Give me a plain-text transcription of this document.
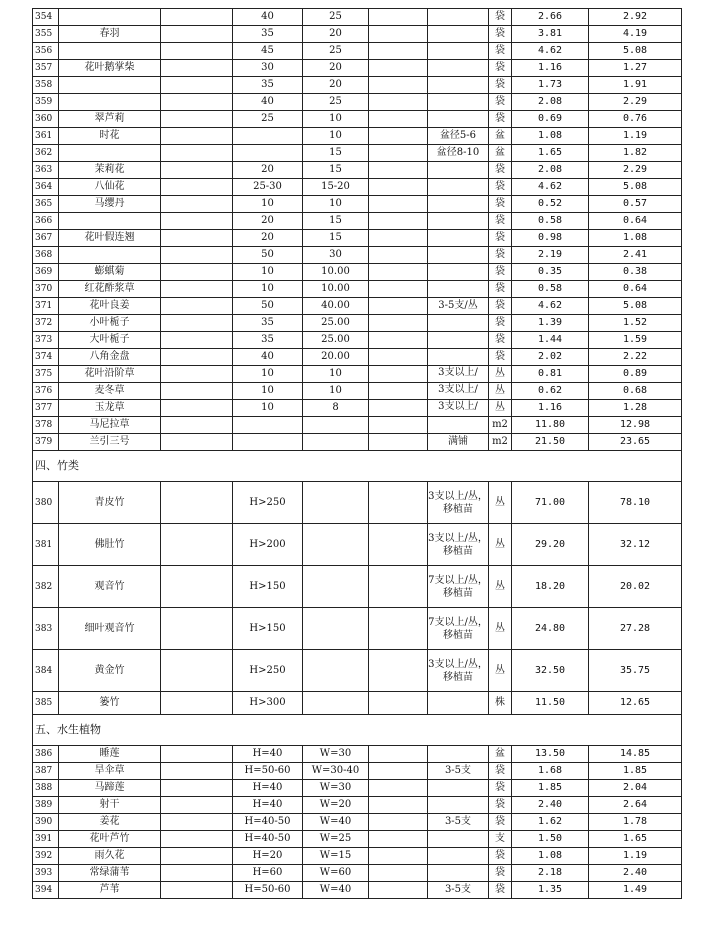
354			40	25			袋	2.66	2.92
355	春羽		35	20			袋	3.81	4.19
356			45	25			袋	4.62	5.08
357	花叶鹅掌柴		30	20			袋	1.16	1.27
358			35	20			袋	1.73	1.91
359			40	25			袋	2.08	2.29
360	翠芦莉		25	10			袋	0.69	0.76
361	时花			10		盆径5-6	盆	1.08	1.19
362				15		盆径8-10	盆	1.65	1.82
363	茉莉花		20	15			袋	2.08	2.29
364	八仙花		25-30	15-20			袋	4.62	5.08
365	马缨丹		10	10			袋	0.52	0.57
366			20	15			袋	0.58	0.64
367	花叶假连翘		20	15			袋	0.98	1.08
368			50	30			袋	2.19	2.41
369	蟛蜞菊		10	10.00			袋	0.35	0.38
370	红花酢浆草		10	10.00			袋	0.58	0.64
371	花叶良姜		50	40.00		3-5支/丛	袋	4.62	5.08
372	小叶栀子		35	25.00			袋	1.39	1.52
373	大叶栀子		35	25.00			袋	1.44	1.59
374	八角金盘		40	20.00			袋	2.02	2.22
375	花叶沿阶草		10	10		3支以上/	丛	0.81	0.89
376	麦冬草		10	10		3支以上/	丛	0.62	0.68
377	玉龙草		10	8		3支以上/	丛	1.16	1.28
378	马尼拉草						m2	11.80	12.98
379	兰引三号					满铺	m2	21.50	23.65
四、竹类									
380	青皮竹		H>250			3支以上/丛，移植苗	丛	71.00	78.10
381	佛肚竹		H>200			3支以上/丛，移植苗	丛	29.20	32.12
382	观音竹		H>150			7支以上/丛，移植苗	丛	18.20	20.02
383	细叶观音竹		H>150			7支以上/丛，移植苗	丛	24.80	27.28
384	黄金竹		H>250			3支以上/丛，移植苗	丛	32.50	35.75
385	篓竹		H>300				株	11.50	12.65
五、水生植物									
386	睡莲		H=40	W=30			盆	13.50	14.85
387	旱伞草		H=50-60	W=30-40		3-5支	袋	1.68	1.85
388	马蹄莲		H=40	W=30			袋	1.85	2.04
389	射干		H=40	W=20			袋	2.40	2.64
390	姜花		H=40-50	W=40		3-5支	袋	1.62	1.78
391	花叶芦竹		H=40-50	W=25			支	1.50	1.65
392	雨久花		H=20	W=15			袋	1.08	1.19
393	常绿蒲苇		H=60	W=60			袋	2.18	2.40
394	芦苇		H=50-60	W=40		3-5支	袋	1.35	1.49
